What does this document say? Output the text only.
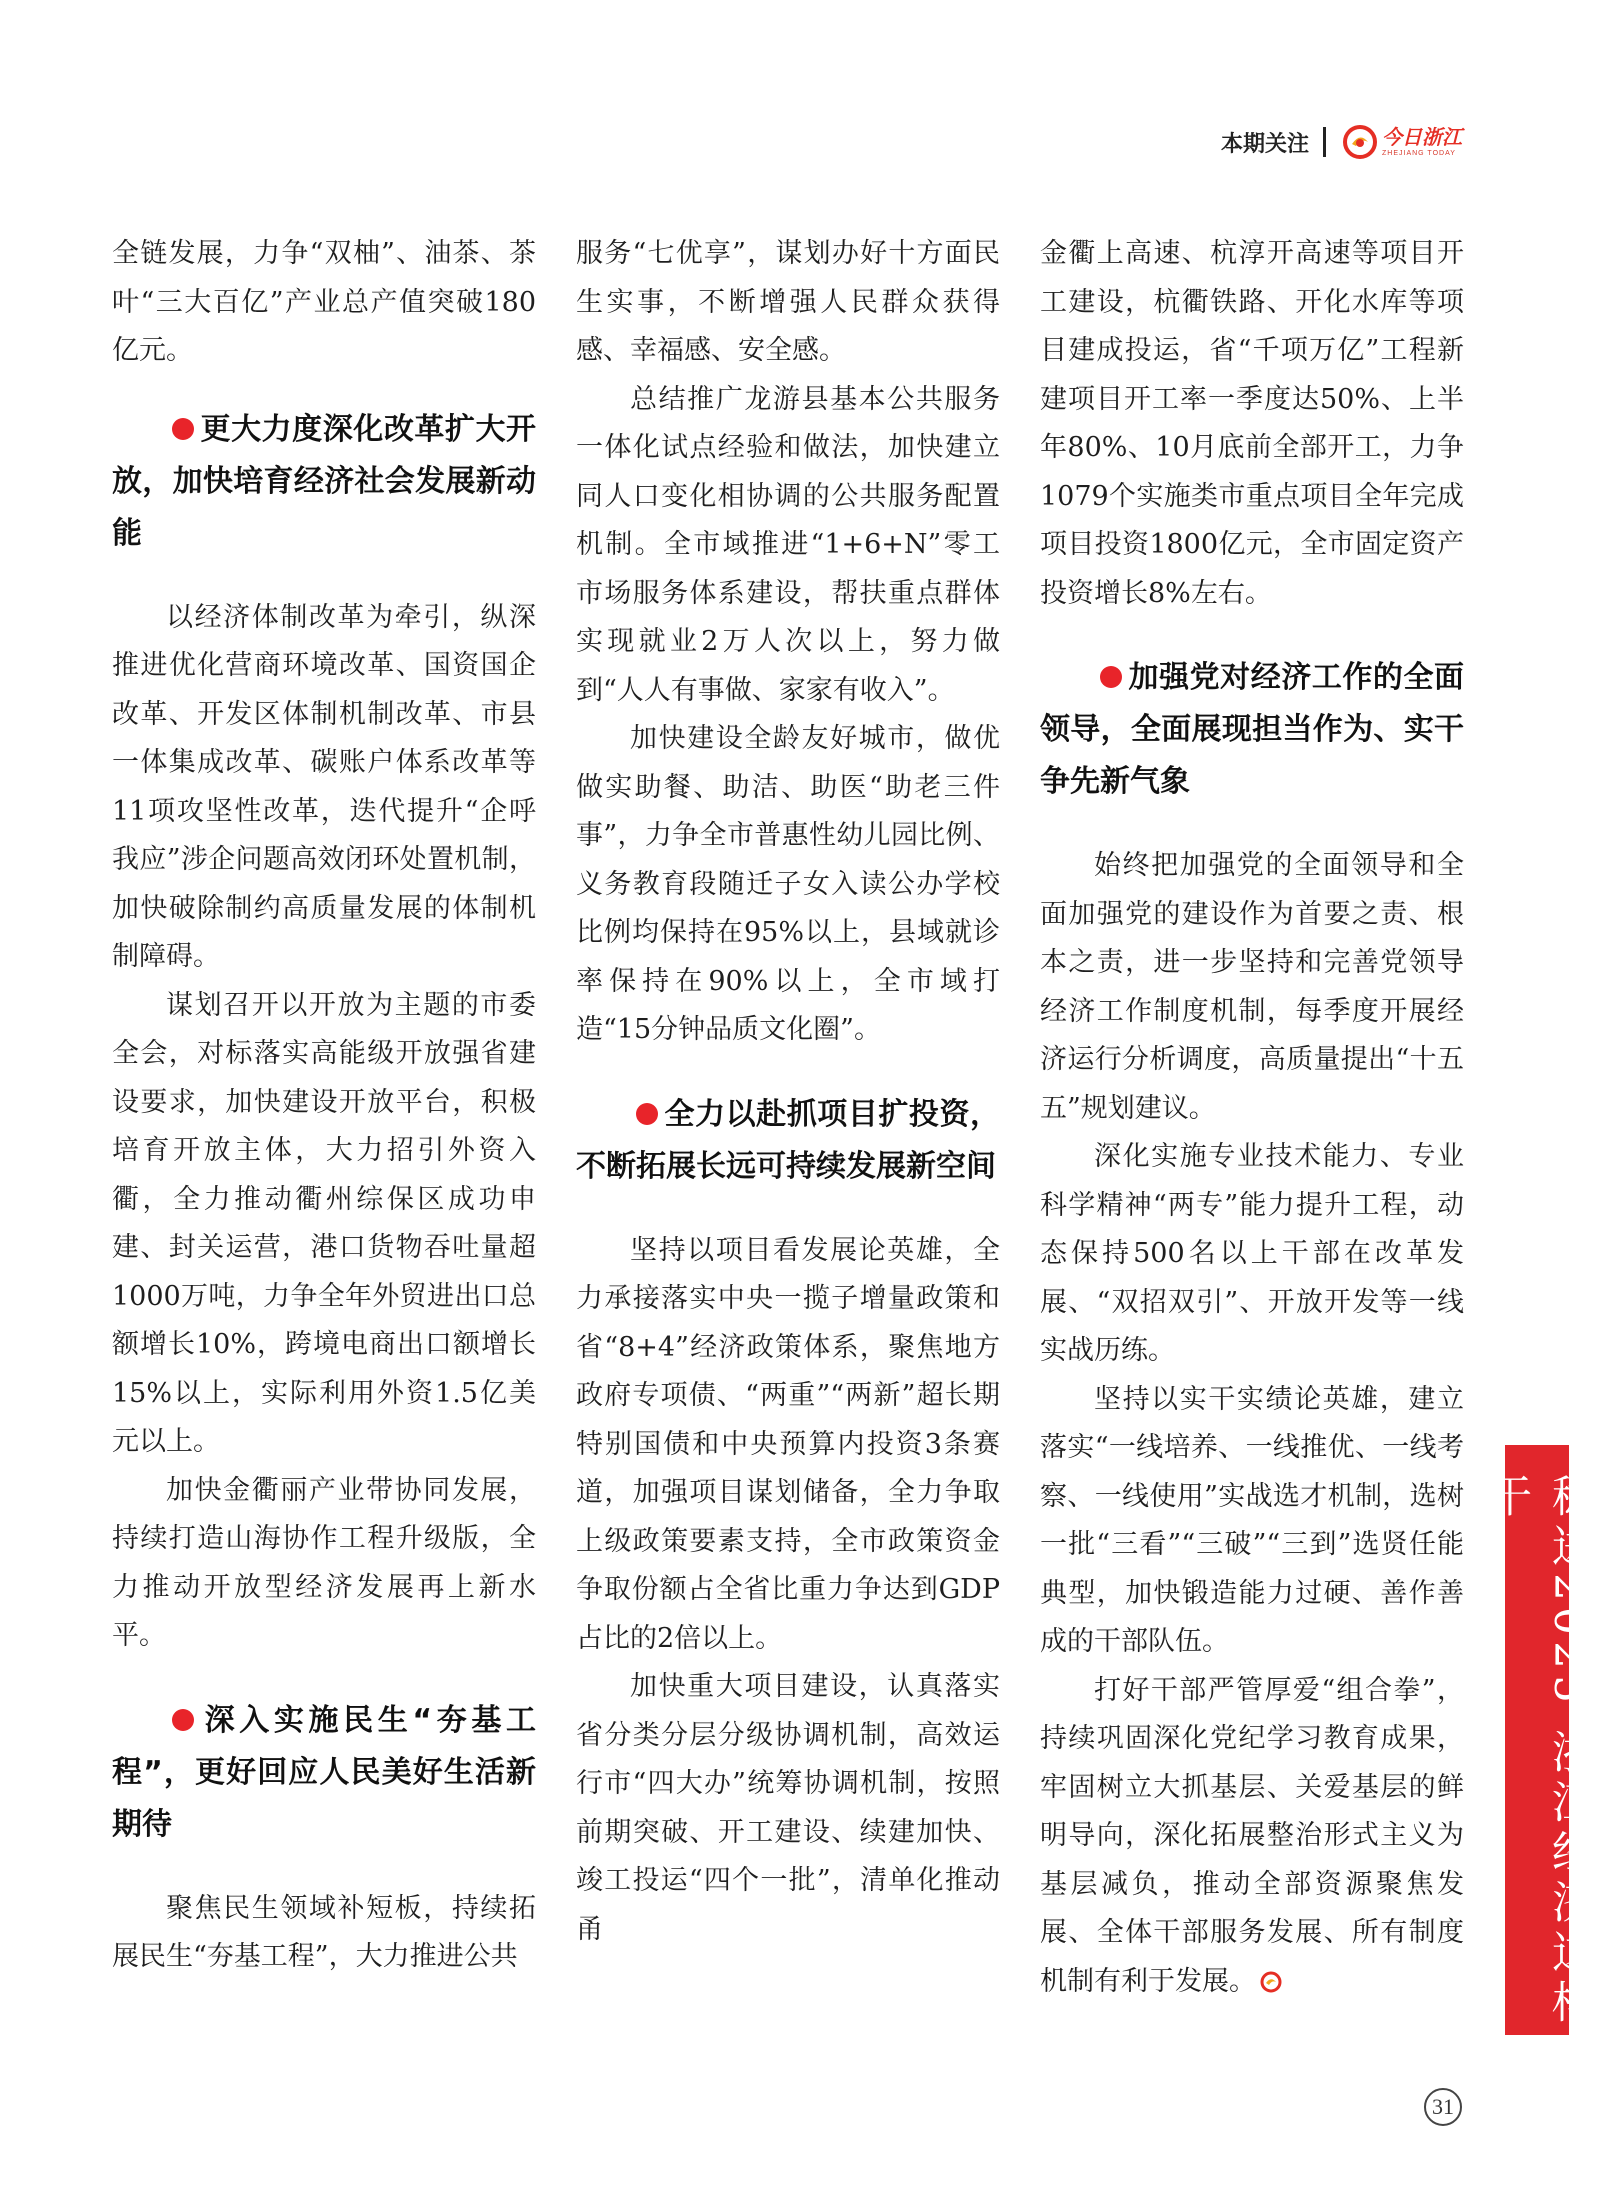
本期关注	今日浙江
ZHEJIANG TODAY

全链发展，力争“双柚”、油茶、茶叶“三大百亿”产业总产值突破180亿元。

更大力度深化改革扩大开放，加快培育经济社会发展新动能

以经济体制改革为牵引，纵深推进优化营商环境改革、国资国企改革、开发区体制机制改革、市县一体集成改革、碳账户体系改革等11项攻坚性改革，迭代提升“企呼我应”涉企问题高效闭环处置机制，加快破除制约高质量发展的体制机制障碍。

谋划召开以开放为主题的市委全会，对标落实高能级开放强省建设要求，加快建设开放平台，积极培育开放主体，大力招引外资入衢，全力推动衢州综保区成功申建、封关运营，港口货物吞吐量超1000万吨，力争全年外贸进出口总额增长10%，跨境电商出口额增长15%以上，实际利用外资1.5亿美元以上。

加快金衢丽产业带协同发展，持续打造山海协作工程升级版，全力推动开放型经济发展再上新水平。

深入实施民生“夯基工程”，更好回应人民美好生活新期待

聚焦民生领域补短板，持续拓展民生“夯基工程”，大力推进公共

服务“七优享”，谋划办好十方面民生实事，不断增强人民群众获得感、幸福感、安全感。

总结推广龙游县基本公共服务一体化试点经验和做法，加快建立同人口变化相协调的公共服务配置机制。全市域推进“1+6+N”零工市场服务体系建设，帮扶重点群体实现就业2万人次以上，努力做到“人人有事做、家家有收入”。

加快建设全龄友好城市，做优做实助餐、助洁、助医“助老三件事”，力争全市普惠性幼儿园比例、义务教育段随迁子女入读公办学校比例均保持在95%以上，县域就诊率保持在90%以上，全市域打造“15分钟品质文化圈”。

全力以赴抓项目扩投资，不断拓展长远可持续发展新空间

坚持以项目看发展论英雄，全力承接落实中央一揽子增量政策和省“8+4”经济政策体系，聚焦地方政府专项债、“两重”“两新”超长期特别国债和中央预算内投资3条赛道，加强项目谋划储备，全力争取上级政策要素支持，全市政策资金争取份额占全省比重力争达到GDP占比的2倍以上。

加快重大项目建设，认真落实省分类分层分级协调机制，高效运行市“四大办”统筹协调机制，按照前期突破、开工建设、续建加快、竣工投运“四个一批”，清单化推动甬

金衢上高速、杭淳开高速等项目开工建设，杭衢铁路、开化水库等项目建成投运，省“千项万亿”工程新建项目开工率一季度达50%、上半年80%、10月底前全部开工，力争1079个实施类市重点项目全年完成项目投资1800亿元，全市固定资产投资增长8%左右。

加强党对经济工作的全面领导，全面展现担当作为、实干争先新气象

始终把加强党的全面领导和全面加强党的建设作为首要之责、根本之责，进一步坚持和完善党领导经济工作制度机制，每季度开展经济运行分析调度，高质量提出“十五五”规划建议。

深化实施专业技术能力、专业科学精神“两专”能力提升工程，动态保持500名以上干部在改革发展、“双招双引”、开放开发等一线实战历练。

坚持以实干实绩论英雄，建立落实“一线培养、一线推优、一线考察、一线使用”实战选才机制，选树一批“三看”“三破”“三到”选贤任能典型，加快锻造能力过硬、善作善成的干部队伍。

打好干部严管厚爱“组合拳”，持续巩固深化党纪学习教育成果，牢固树立大抓基层、关爱基层的鲜明导向，深化拓展整治形式主义为基层减负，推动全部资源聚焦发展、全体干部服务发展、所有制度机制有利于发展。	稳进2025 浙江经济这样干
31
